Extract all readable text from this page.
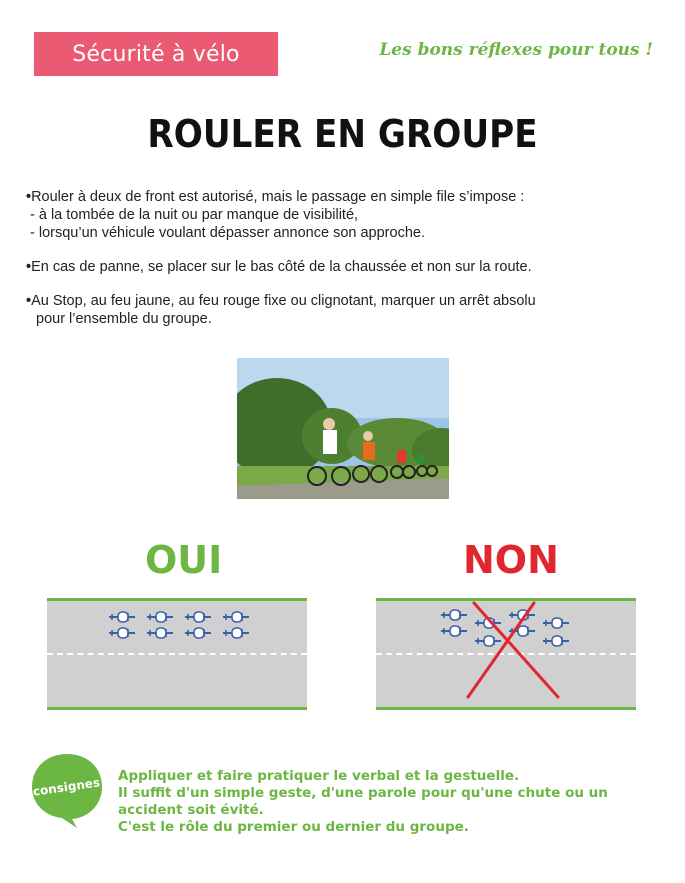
Sécurité à vélo	Les bons réflexes pour tous !
ROULER EN GROUPE
• Rouler à deux de front est autorisé, mais le passage en simple file s’impose :
- à la tombée de la nuit ou par manque de visibilité,
- lorsqu’un véhicule voulant dépasser annonce son approche.
• En cas de panne, se placer sur le bas côté de la chaussée et non sur la route.
• Au Stop, au feu jaune, au feu rouge fixe ou clignotant, marquer un arrêt absolu
pour l’ensemble du groupe.
OUI	NON
consignes Appliquer et faire pratiquer le verbal et la gestuelle.
Il suffit d'un simple geste, d'une parole pour qu'une chute ou un
accident soit évité.
C'est le rôle du premier ou dernier du groupe.
